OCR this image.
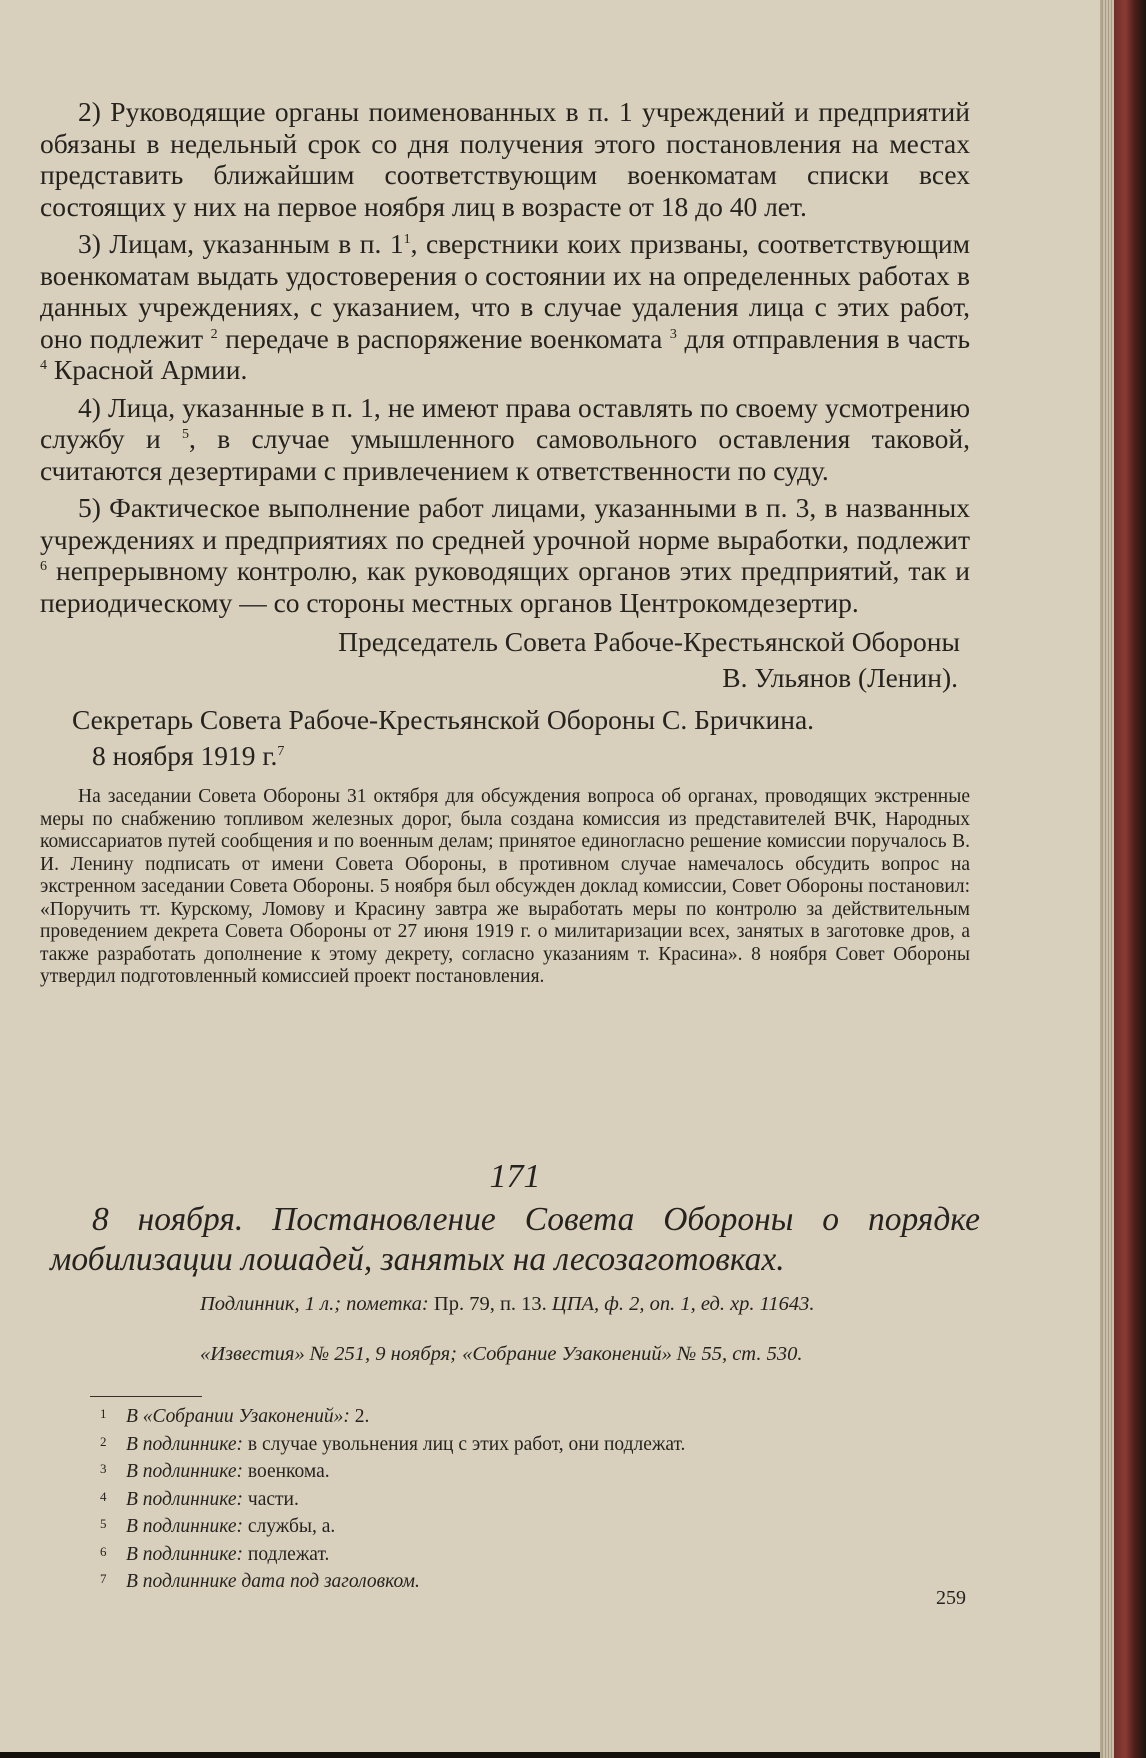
2) Руководящие органы поименованных в п. 1 учреждений и предприятий обязаны в недельный срок со дня получения этого постановления на местах представить ближайшим соответствующим военкоматам списки всех состоящих у них на первое ноября лиц в возрасте от 18 до 40 лет.

3) Лицам, указанным в п. $1^1$, сверстники коих призваны, соответствующим военкоматам выдать удостоверения о состоянии их на определенных работах в данных учреждениях, с указанием, что в случае удаления лица с этих работ, оно подлежит $^2$ передаче в распоряжение военкомата $^3$ для отправления в часть $^4$ Красной Армии.

4) Лица, указанные в п. 1, не имеют права оставлять по своему усмотрению службу и $^5$, в случае умышленного самовольного оставления таковой, считаются дезертирами с привлечением к ответственности по суду.

5) Фактическое выполнение работ лицами, указанными в п. 3, в названных учреждениях и предприятиях по средней урочной норме выработки, подлежит $^6$ непрерывному контролю, как руководящих органов этих предприятий, так и периодическому — со стороны местных органов Центрокомдезертир.

Председатель Совета Рабоче-Крестьянской Обороны

В. Ульянов (Ленин).

Секретарь Совета Рабоче-Крестьянской Обороны С. Бричкина.

8 ноября 1919 г.$^7$

На заседании Совета Обороны 31 октября для обсуждения вопроса об органах, проводящих экстренные меры по снабжению топливом железных дорог, была создана комиссия из представителей ВЧК, Народных комиссариатов путей сообщения и по военным делам; принятое единогласно решение комиссии поручалось В. И. Ленину подписать от имени Совета Обороны, в противном случае намечалось обсудить вопрос на экстренном заседании Совета Обороны. 5 ноября был обсужден доклад комиссии, Совет Обороны постановил: «Поручить тт. Курскому, Ломову и Красину завтра же выработать меры по контролю за действительным проведением декрета Совета Обороны от 27 июня 1919 г. о милитаризации всех, занятых в заготовке дров, а также разработать дополнение к этому декрету, согласно указаниям т. Красина». 8 ноября Совет Обороны утвердил подготовленный комиссией проект постановления.

171

8 ноября. Постановление Совета Обороны о порядке мобилизации лошадей, занятых на лесозаготовках.

Подлинник, 1 л.; пометка: Пр. 79, п. 13. ЦПА, ф. 2, оп. 1, ед. хр. 11643.

«Известия» № 251, 9 ноября; «Собрание Узаконений» № 55, ст. 530.

1 В «Собрании Узаконений»: 2.
2 В подлиннике: в случае увольнения лиц с этих работ, они подлежат.
3 В подлиннике: военкома.
4 В подлиннике: части.
5 В подлиннике: службы, а.
6 В подлиннике: подлежат.
7 В подлиннике дата под заголовком.

259
